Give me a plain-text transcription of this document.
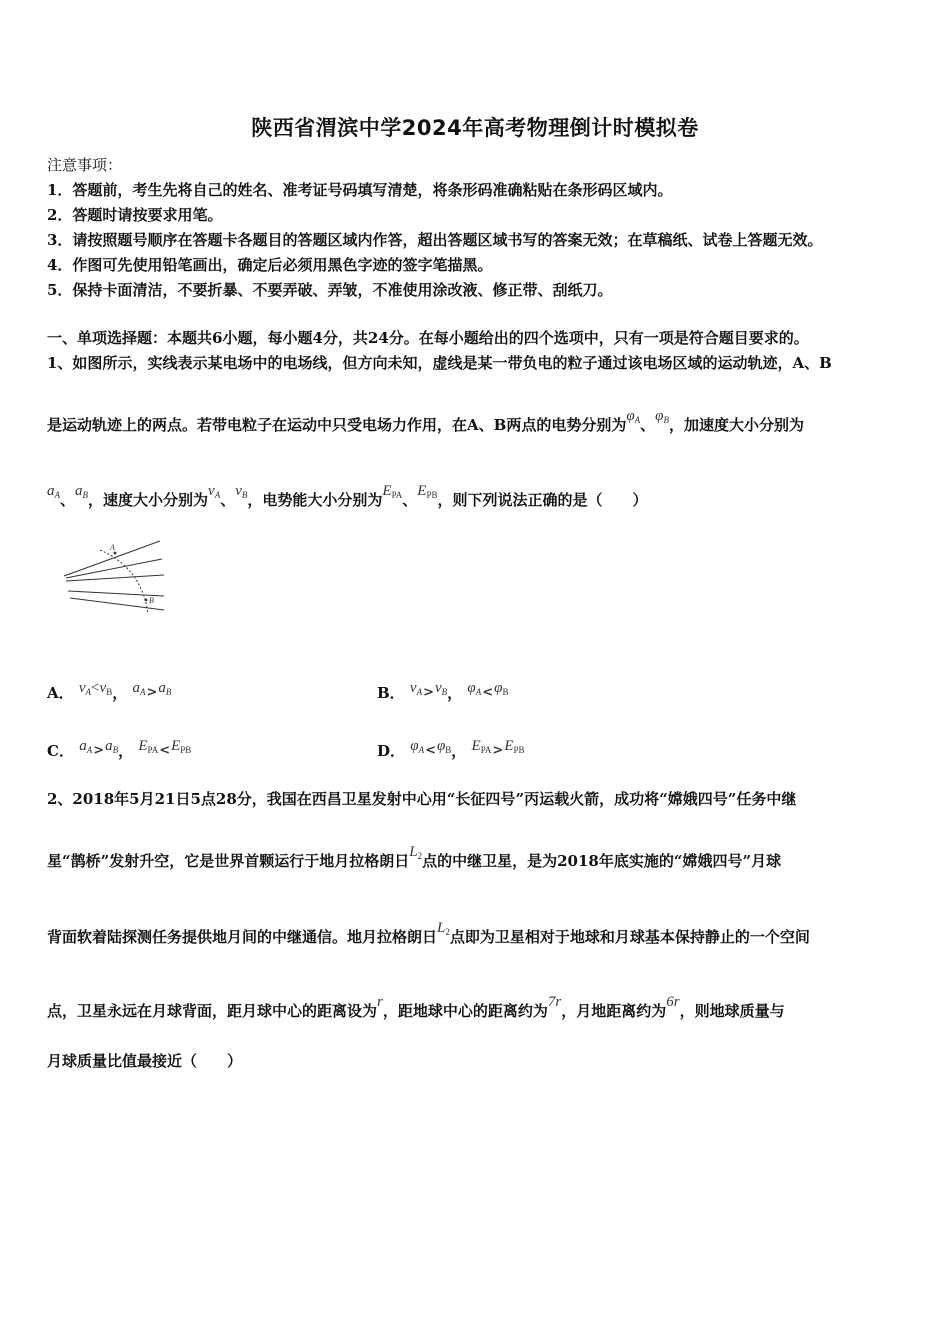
陕西省渭滨中学2024年高考物理倒计时模拟卷
注意事项：
1．答题前，考生先将自己的姓名、准考证号码填写清楚，将条形码准确粘贴在条形码区域内。
2．答题时请按要求用笔。
3．请按照题号顺序在答题卡各题目的答题区域内作答，超出答题区域书写的答案无效；在草稿纸、试卷上答题无效。
4．作图可先使用铅笔画出，确定后必须用黑色字迹的签字笔描黑。
5．保持卡面清洁，不要折暴、不要弄破、弄皱，不准使用涂改液、修正带、刮纸刀。
一、单项选择题：本题共6小题，每小题4分，共24分。在每小题给出的四个选项中，只有一项是符合题目要求的。
1、如图所示，实线表示某电场中的电场线，但方向未知，虚线是某一带负电的粒子通过该电场区域的运动轨迹，A、B
是运动轨迹上的两点。若带电粒子在运动中只受电场力作用，在A、B两点的电势分别为$\varphi_A$、$\varphi_B$，加速度大小分别为
$a_A$、$a_B$，速度大小分别为$v_A$、$v_B$，电势能大小分别为$E_{PA}$、$E_{PB}$，则下列说法正确的是（　　）
A
B
A． $v_A<v_B$， $a_A>a_B$	B． $v_A>v_B$， $\varphi_A<\varphi_B$
C． $a_A>a_B$， $E_{PA}<E_{PB}$	D． $\varphi_A<\varphi_B$， $E_{PA}>E_{PB}$
2、2018年5月21日5点28分，我国在西昌卫星发射中心用“长征四号”丙运载火箭，成功将“嫦娥四号”任务中继
星“鹊桥”发射升空，它是世界首颗运行于地月拉格朗日$L_2$点的中继卫星，是为2018年底实施的“嫦娥四号”月球
背面软着陆探测任务提供地月间的中继通信。地月拉格朗日$L_2$点即为卫星相对于地球和月球基本保持静止的一个空间
点，卫星永远在月球背面，距月球中心的距离设为r，距地球中心的距离约为7r，月地距离约为6r，则地球质量与
月球质量比值最接近（　　）
